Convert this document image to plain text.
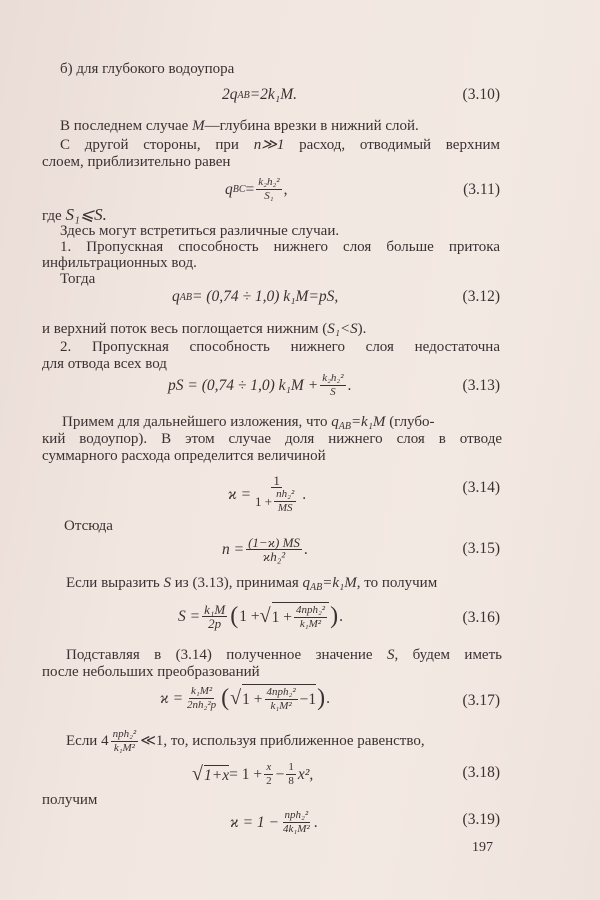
б) для глубокого водоупора
2q AB =2k₁M.	(3.10)
В последнем случае M—глубина врезки в нижний слой.
С другой стороны, при n≫1 расход, отводимый верхним
слоем, приблизительно равен
q BC = $\frac{\text{k₂h₂²}}{\text{S₁}}$ ,	(3.11)
где S₁⩽S.
Здесь могут встретиться различные случаи.
1. Пропускная способность нижнего слоя больше притока
инфильтрационных вод.
Тогда
q AB = (0,74 ÷ 1,0) k₁M=pS,	(3.12)
и верхний поток весь поглощается нижним (S₁<S).
2. Пропускная способность нижнего слоя недостаточна
для отвода всех вод
pS = (0,74 ÷ 1,0) $k_1M + \frac{\text{k₂h₂²}}{S}$ .	(3.13)
Примем для дальнейшего изложения, что $q_{AB}=k_1M$ (глубо-
кий водоупор). В этом случае доля нижнего слоя в отводе
суммарного расхода определится величиной
$ϰ = \frac{1}{1 + \frac{\text{nh₂²}}{MS}}$ .	(3.14)
Отсюда
$n = \frac{(1-ϰ) MS}{\text{ϰh₂²}}$ .	(3.15)
Если выразить S из (3.13), принимая $q_{AB}=k_1M$, то получим
$S = \frac{\text{k₁M}}{2p}$ ( 1 + √ $1 + \frac{\text{4nph₂²}}{\text{k₁M²}}$ ) .	(3.16)
Подставляя в (3.14) полученное значение S, будем иметь
после небольших преобразований
$ϰ = \frac{\text{k₁M²}}{\text{2nh₂²p}}$ ( √ $1 + \frac{\text{4nph₂²}}{\text{k₁M²}} -1$ ) .	(3.17)
Если $4 \frac{\text{nph₂²}}{\text{k₁M²}}$ ≪1, то, используя приближенное равенство,
√ $1+x = 1 + \frac{x}{2} - \frac{1}{8} x^2$,	(3.18)
получим
$ϰ = 1 - \frac{\text{nph₂²}}{\text{4k₁M²}}$ .	(3.19)
197
